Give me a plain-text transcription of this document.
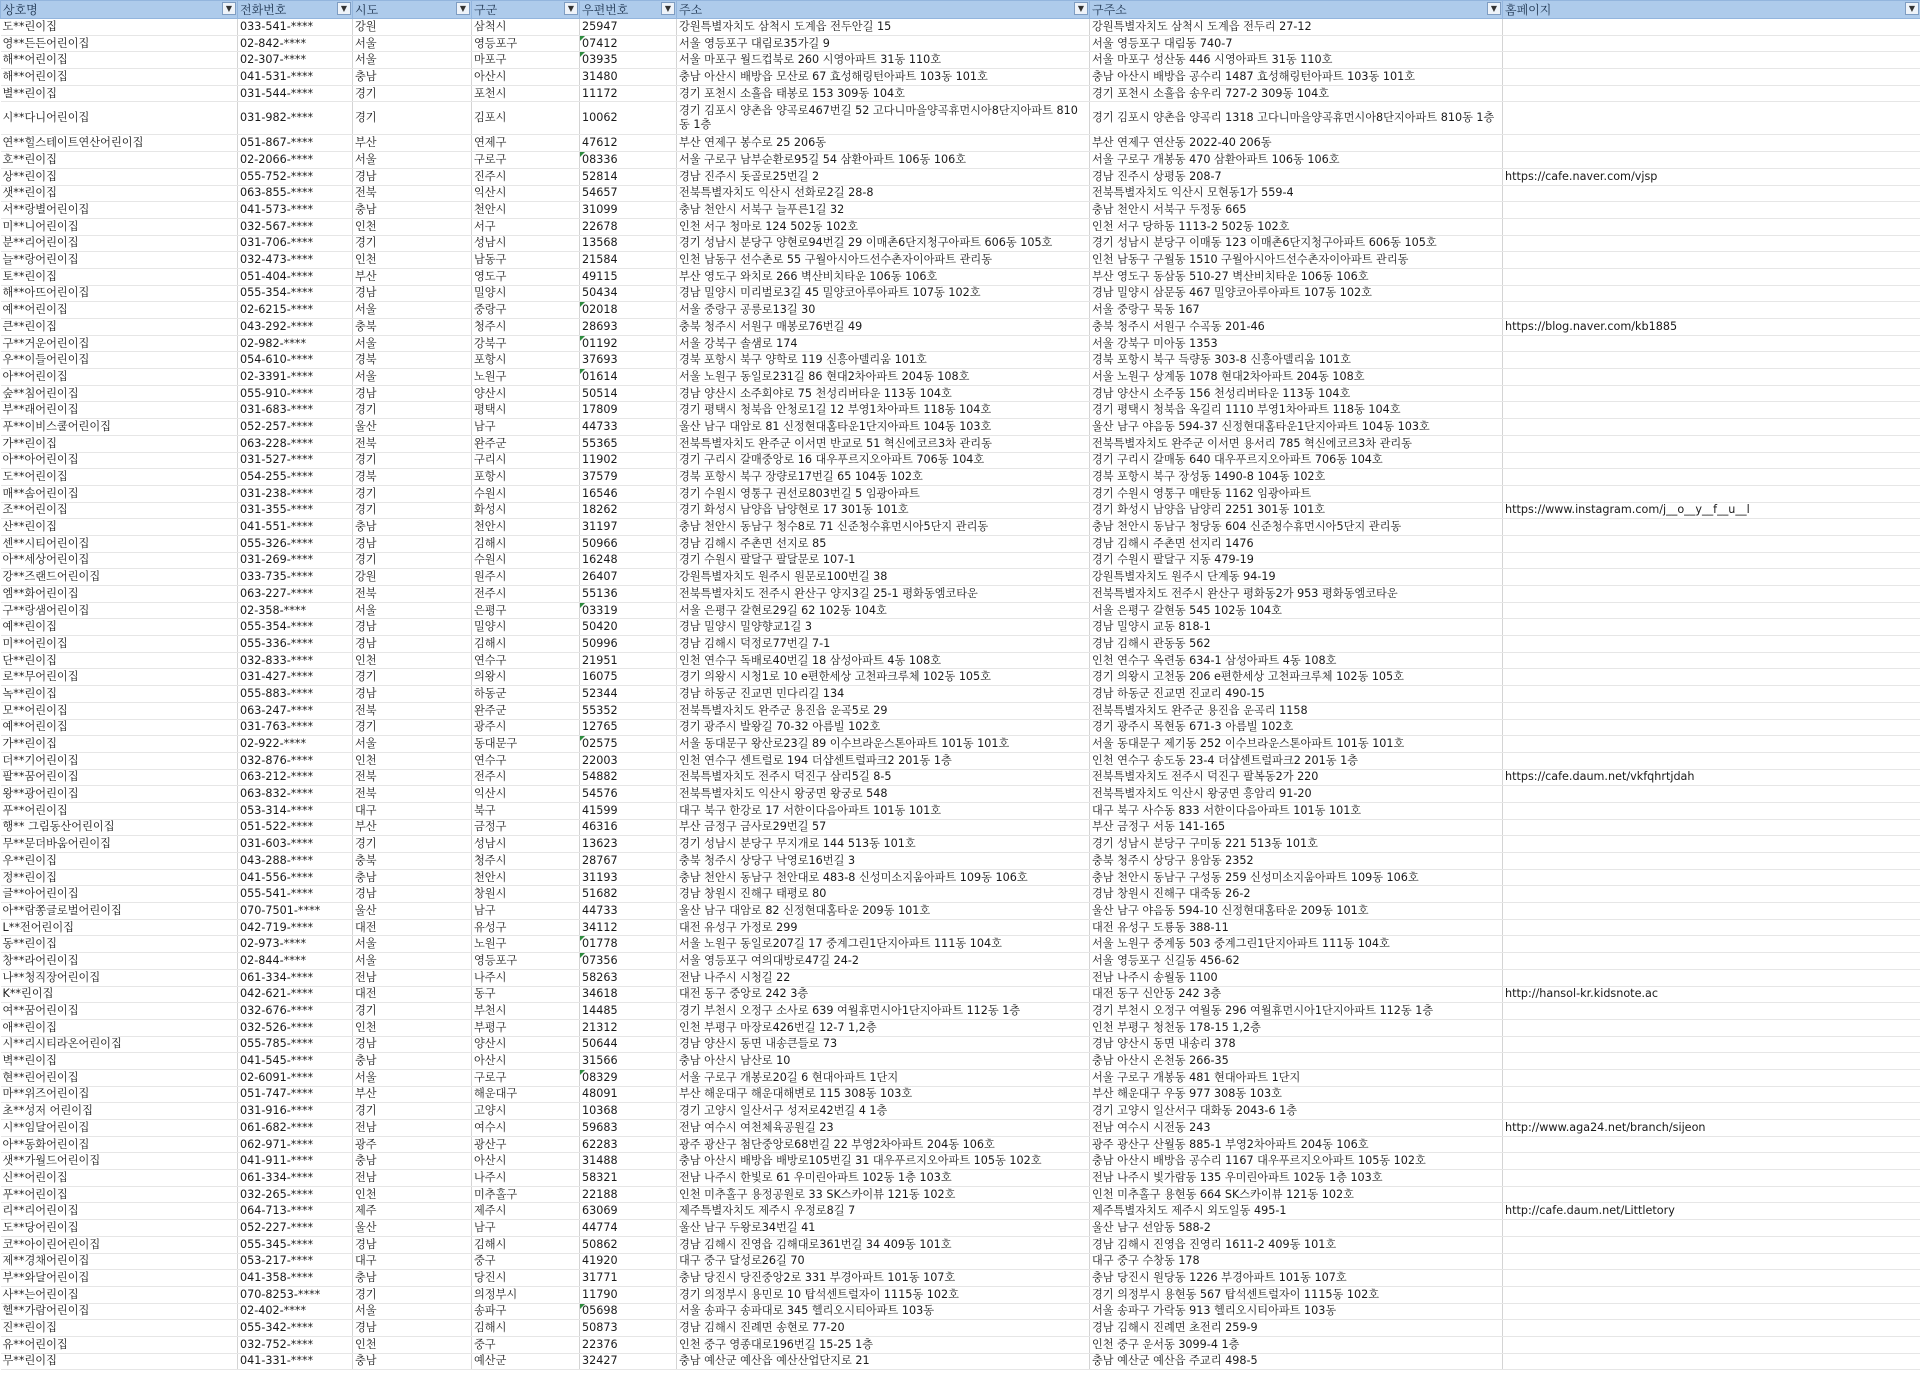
상호명 ▼	전화번호 ▼	시도 ▼	구군 ▼	우편번호 ▼	주소 ▼	구주소 ▼	홈페이지 ▼

도**린이집	033-541-****	강원	삼척시	25947	강원특별자치도 삼척시 도계읍 전두안길 15	강원특별자치도 삼척시 도계읍 전두리 27-12	
영**든든어린이집	02-842-****	서울	영등포구	07412	서울 영등포구 대림로35가길 9	서울 영등포구 대림동 740-7	
해**어린이집	02-307-****	서울	마포구	03935	서울 마포구 월드컵북로 260 시영아파트 31동 110호	서울 마포구 성산동 446 시영아파트 31동 110호	
해**어린이집	041-531-****	충남	아산시	31480	충남 아산시 배방읍 모산로 67 효성해링턴아파트 103동 101호	충남 아산시 배방읍 공수리 1487 효성해링턴아파트 103동 101호	
별**린이집	031-544-****	경기	포천시	11172	경기 포천시 소흘읍 태봉로 153 309동 104호	경기 포천시 소흘읍 송우리 727-2 309동 104호	
시**다니어린이집	031-982-****	경기	김포시	10062	경기 김포시 양촌읍 양곡로467번길 52 고다니마을양곡휴먼시아8단지아파트 810동 1층	경기 김포시 양촌읍 양곡리 1318 고다니마을양곡휴먼시아8단지아파트 810동 1층	
연**힐스테이트연산어린이집	051-867-****	부산	연제구	47612	부산 연제구 봉수로 25 206동	부산 연제구 연산동 2022-40 206동	
호**린이집	02-2066-****	서울	구로구	08336	서울 구로구 남부순환로95길 54 삼환아파트 106동 106호	서울 구로구 개봉동 470 삼환아파트 106동 106호	
상**린이집	055-752-****	경남	진주시	52814	경남 진주시 돗골로25번길 2	경남 진주시 상평동 208-7	https://cafe.naver.com/vjsp
샛**린이집	063-855-****	전북	익산시	54657	전북특별자치도 익산시 선화로2길 28-8	전북특별자치도 익산시 모현동1가 559-4	
서**랑별어린이집	041-573-****	충남	천안시	31099	충남 천안시 서북구 늘푸른1길 32	충남 천안시 서북구 두정동 665	
미**니어린이집	032-567-****	인천	서구	22678	인천 서구 청마로 124 502동 102호	인천 서구 당하동 1113-2 502동 102호	
분**리어린이집	031-706-****	경기	성남시	13568	경기 성남시 분당구 양현로94번길 29 이매촌6단지청구아파트 606동 105호	경기 성남시 분당구 이매동 123 이매촌6단지청구아파트 606동 105호	
늘**랑어린이집	032-473-****	인천	남동구	21584	인천 남동구 선수촌로 55 구월아시아드선수촌자이아파트 관리동	인천 남동구 구월동 1510 구월아시아드선수촌자이아파트 관리동	
토**린이집	051-404-****	부산	영도구	49115	부산 영도구 와치로 266 벽산비치타운 106동 106호	부산 영도구 동삼동 510-27 벽산비치타운 106동 106호	
해**아뜨어린이집	055-354-****	경남	밀양시	50434	경남 밀양시 미리벌로3길 45 밀양코아루아파트 107동 102호	경남 밀양시 삼문동 467 밀양코아루아파트 107동 102호	
예**어린이집	02-6215-****	서울	중랑구	02018	서울 중랑구 공릉로13길 30	서울 중랑구 묵동 167	
큰**린이집	043-292-****	충북	청주시	28693	충북 청주시 서원구 매봉로76번길 49	충북 청주시 서원구 수곡동 201-46	https://blog.naver.com/kb1885
구**거운어린이집	02-982-****	서울	강북구	01192	서울 강북구 솔샘로 174	서울 강북구 미아동 1353	
우**이들어린이집	054-610-****	경북	포항시	37693	경북 포항시 북구 양학로 119 신흥아델리움 101호	경북 포항시 북구 득량동 303-8 신흥아델리움 101호	
아**어린이집	02-3391-****	서울	노원구	01614	서울 노원구 동일로231길 86 현대2차아파트 204동 108호	서울 노원구 상계동 1078 현대2차아파트 204동 108호	
숲**침어린이집	055-910-****	경남	양산시	50514	경남 양산시 소주회야로 75 천성리버타운 113동 104호	경남 양산시 소주동 156 천성리버타운 113동 104호	
부**래어린이집	031-683-****	경기	평택시	17809	경기 평택시 청북읍 안청로1길 12 부영1차아파트 118동 104호	경기 평택시 청북읍 옥길리 1110 부영1차아파트 118동 104호	
푸**이비스쿨어린이집	052-257-****	울산	남구	44733	울산 남구 대암로 81 신정현대홈타운1단지아파트 104동 103호	울산 남구 야음동 594-37 신정현대홈타운1단지아파트 104동 103호	
가**린이집	063-228-****	전북	완주군	55365	전북특별자치도 완주군 이서면 반교로 51 혁신에코르3차 관리동	전북특별자치도 완주군 이서면 용서리 785 혁신에코르3차 관리동	
아**아어린이집	031-527-****	경기	구리시	11902	경기 구리시 갈매중앙로 16 대우푸르지오아파트 706동 104호	경기 구리시 갈매동 640 대우푸르지오아파트 706동 104호	
도**어린이집	054-255-****	경북	포항시	37579	경북 포항시 북구 장량로17번길 65 104동 102호	경북 포항시 북구 장성동 1490-8 104동 102호	
매**솜어린이집	031-238-****	경기	수원시	16546	경기 수원시 영통구 권선로803번길 5 임광아파트	경기 수원시 영통구 매탄동 1162 임광아파트	
조**어린이집	031-355-****	경기	화성시	18262	경기 화성시 남양읍 남양현로 17 301동 101호	경기 화성시 남양읍 남양리 2251 301동 101호	https://www.instagram.com/j__o__y__f__u__l
산**린이집	041-551-****	충남	천안시	31197	충남 천안시 동남구 청수8로 71 신준청수휴먼시아5단지 관리동	충남 천안시 동남구 청당동 604 신준청수휴먼시아5단지 관리동	
센**시티어린이집	055-326-****	경남	김해시	50966	경남 김해시 주촌면 선지로 85	경남 김해시 주촌면 선지리 1476	
아**세상어린이집	031-269-****	경기	수원시	16248	경기 수원시 팔달구 팔달문로 107-1	경기 수원시 팔달구 지동 479-19	
강**즈랜드어린이집	033-735-****	강원	원주시	26407	강원특별자치도 원주시 원문로100번길 38	강원특별자치도 원주시 단계동 94-19	
엠**화어린이집	063-227-****	전북	전주시	55136	전북특별자치도 전주시 완산구 양지3길 25-1 평화동엠코타운	전북특별자치도 전주시 완산구 평화동2가 953 평화동엠코타운	
구**랑샘어린이집	02-358-****	서울	은평구	03319	서울 은평구 갈현로29길 62 102동 104호	서울 은평구 갈현동 545 102동 104호	
예**린이집	055-354-****	경남	밀양시	50420	경남 밀양시 밀양향교1길 3	경남 밀양시 교동 818-1	
미**어린이집	055-336-****	경남	김해시	50996	경남 김해시 덕정로77번길 7-1	경남 김해시 관동동 562	
단**린이집	032-833-****	인천	연수구	21951	인천 연수구 독배로40번길 18 삼성아파트 4동 108호	인천 연수구 옥련동 634-1 삼성아파트 4동 108호	
로**무어린이집	031-427-****	경기	의왕시	16075	경기 의왕시 시청1로 10 e편한세상 고천파크루체 102동 105호	경기 의왕시 고천동 206 e편한세상 고천파크루체 102동 105호	
녹**린이집	055-883-****	경남	하동군	52344	경남 하동군 진교면 민다리길 134	경남 하동군 진교면 진교리 490-15	
모**어린이집	063-247-****	전북	완주군	55352	전북특별자치도 완주군 용진읍 운곡5로 29	전북특별자치도 완주군 용진읍 운곡리 1158	
예**어린이집	031-763-****	경기	광주시	12765	경기 광주시 발왕길 70-32 아름빌 102호	경기 광주시 목현동 671-3 아름빌 102호	
가**린이집	02-922-****	서울	동대문구	02575	서울 동대문구 왕산로23길 89 이수브라운스톤아파트 101동 101호	서울 동대문구 제기동 252 이수브라운스톤아파트 101동 101호	
더**기어린이집	032-876-****	인천	연수구	22003	인천 연수구 센트럴로 194 더샵센트럴파크2 201동 1층	인천 연수구 송도동 23-4 더샵센트럴파크2 201동 1층	
팔**꿈어린이집	063-212-****	전북	전주시	54882	전북특별자치도 전주시 덕진구 삼리5길 8-5	전북특별자치도 전주시 덕진구 팔복동2가 220	https://cafe.daum.net/vkfqhrtjdah
왕**광어린이집	063-832-****	전북	익산시	54576	전북특별자치도 익산시 왕궁면 왕궁로 548	전북특별자치도 익산시 왕궁면 흥암리 91-20	
푸**어린이집	053-314-****	대구	북구	41599	대구 북구 한강로 17 서한이다음아파트 101동 101호	대구 북구 사수동 833 서한이다음아파트 101동 101호	
행** 그림동산어린이집	051-522-****	부산	금정구	46316	부산 금정구 금사로29번길 57	부산 금정구 서동 141-165	
무**문더바움어린이집	031-603-****	경기	성남시	13623	경기 성남시 분당구 무지개로 144 513동 101호	경기 성남시 분당구 구미동 221 513동 101호	
우**린이집	043-288-****	충북	청주시	28767	충북 청주시 상당구 낙영로16번길 3	충북 청주시 상당구 용암동 2352	
정**린이집	041-556-****	충남	천안시	31193	충남 천안시 동남구 천안대로 483-8 신성미소지움아파트 109동 106호	충남 천안시 동남구 구성동 259 신성미소지움아파트 109동 106호	
글**아어린이집	055-541-****	경남	창원시	51682	경남 창원시 진해구 태평로 80	경남 창원시 진해구 대죽동 26-2	
아**람쫑글로벌어린이집	070-7501-****	울산	남구	44733	울산 남구 대암로 82 신정현대홈타운 209동 101호	울산 남구 야음동 594-10 신정현대홈타운 209동 101호	
L**전어린이집	042-719-****	대전	유성구	34112	대전 유성구 가정로 299	대전 유성구 도룡동 388-11	
동**린이집	02-973-****	서울	노원구	01778	서울 노원구 동일로207길 17 중계그린1단지아파트 111동 104호	서울 노원구 중계동 503 중계그린1단지아파트 111동 104호	
창**라어린이집	02-844-****	서울	영등포구	07356	서울 영등포구 여의대방로47길 24-2	서울 영등포구 신길동 456-62	
나**청직장어린이집	061-334-****	전남	나주시	58263	전남 나주시 시청길 22	전남 나주시 송월동 1100	
K**린이집	042-621-****	대전	동구	34618	대전 동구 중앙로 242 3층	대전 동구 신안동 242 3층	http://hansol-kr.kidsnote.ac
여**꿈어린이집	032-676-****	경기	부천시	14485	경기 부천시 오정구 소사로 639 여월휴먼시아1단지아파트 112동 1층	경기 부천시 오정구 여월동 296 여월휴먼시아1단지아파트 112동 1층	
애**린이집	032-526-****	인천	부평구	21312	인천 부평구 마장로426번길 12-7 1,2층	인천 부평구 청천동 178-15 1,2층	
시**리시티라온어린이집	055-785-****	경남	양산시	50644	경남 양산시 동면 내송큰들로 73	경남 양산시 동면 내송리 378	
벽**린이집	041-545-****	충남	아산시	31566	충남 아산시 남산로 10	충남 아산시 온천동 266-35	
현**린어린이집	02-6091-****	서울	구로구	08329	서울 구로구 개봉로20길 6 현대아파트 1단지	서울 구로구 개봉동 481 현대아파트 1단지	
마**위즈어린이집	051-747-****	부산	해운대구	48091	부산 해운대구 해운대해변로 115 308동 103호	부산 해운대구 우동 977 308동 103호	
초**성저 어린이집	031-916-****	경기	고양시	10368	경기 고양시 일산서구 성저로42번길 4 1층	경기 고양시 일산서구 대화동 2043-6 1층	
시**임달어린이집	061-682-****	전남	여수시	59683	전남 여수시 여천체육공원길 23	전남 여수시 시전동 243	http://www.aga24.net/branch/sijeon
아**동화어린이집	062-971-****	광주	광산구	62283	광주 광산구 첨단중앙로68번길 22 부영2차아파트 204동 106호	광주 광산구 산월동 885-1 부영2차아파트 204동 106호	
샛**가월드어린이집	041-911-****	충남	아산시	31488	충남 아산시 배방읍 배방로105번길 31 대우푸르지오아파트 105동 102호	충남 아산시 배방읍 공수리 1167 대우푸르지오아파트 105동 102호	
신**어린이집	061-334-****	전남	나주시	58321	전남 나주시 한빛로 61 우미린아파트 102동 1층 103호	전남 나주시 빛가람동 135 우미린아파트 102동 1층 103호	
푸**어린이집	032-265-****	인천	미추홀구	22188	인천 미추홀구 용정공원로 33 SK스카이뷰 121동 102호	인천 미추홀구 용현동 664 SK스카이뷰 121동 102호	
리**리어린이집	064-713-****	제주	제주시	63069	제주특별자치도 제주시 우정로8길 7	제주특별자치도 제주시 외도일동 495-1	http://cafe.daum.net/Littletory
도**당어린이집	052-227-****	울산	남구	44774	울산 남구 두왕로34번길 41	울산 남구 선암동 588-2	
코**아이린어린이집	055-345-****	경남	김해시	50862	경남 김해시 진영읍 김해대로361번길 34 409동 101호	경남 김해시 진영읍 진영리 1611-2 409동 101호	
제**경채어린이집	053-217-****	대구	중구	41920	대구 중구 달성로26길 70	대구 중구 수창동 178	
부**와달어린이집	041-358-****	충남	당진시	31771	충남 당진시 당진중앙2로 331 부경아파트 101동 107호	충남 당진시 원당동 1226 부경아파트 101동 107호	
사**는어린이집	070-8253-****	경기	의정부시	11790	경기 의정부시 용민로 10 탑석센트럴자이 1115동 102호	경기 의정부시 용현동 567 탑석센트럴자이 1115동 102호	
헬**가람어린이집	02-402-****	서울	송파구	05698	서울 송파구 송파대로 345 헬리오시티아파트 103동	서울 송파구 가락동 913 헬리오시티아파트 103동	
진**린이집	055-342-****	경남	김해시	50873	경남 김해시 진례면 송현로 77-20	경남 김해시 진례면 초전리 259-9	
유**어린이집	032-752-****	인천	중구	22376	인천 중구 영종대로196번길 15-25 1층	인천 중구 운서동 3099-4 1층	
무**린이집	041-331-****	충남	예산군	32427	충남 예산군 예산읍 예산산업단지로 21	충남 예산군 예산읍 주교리 498-5	
